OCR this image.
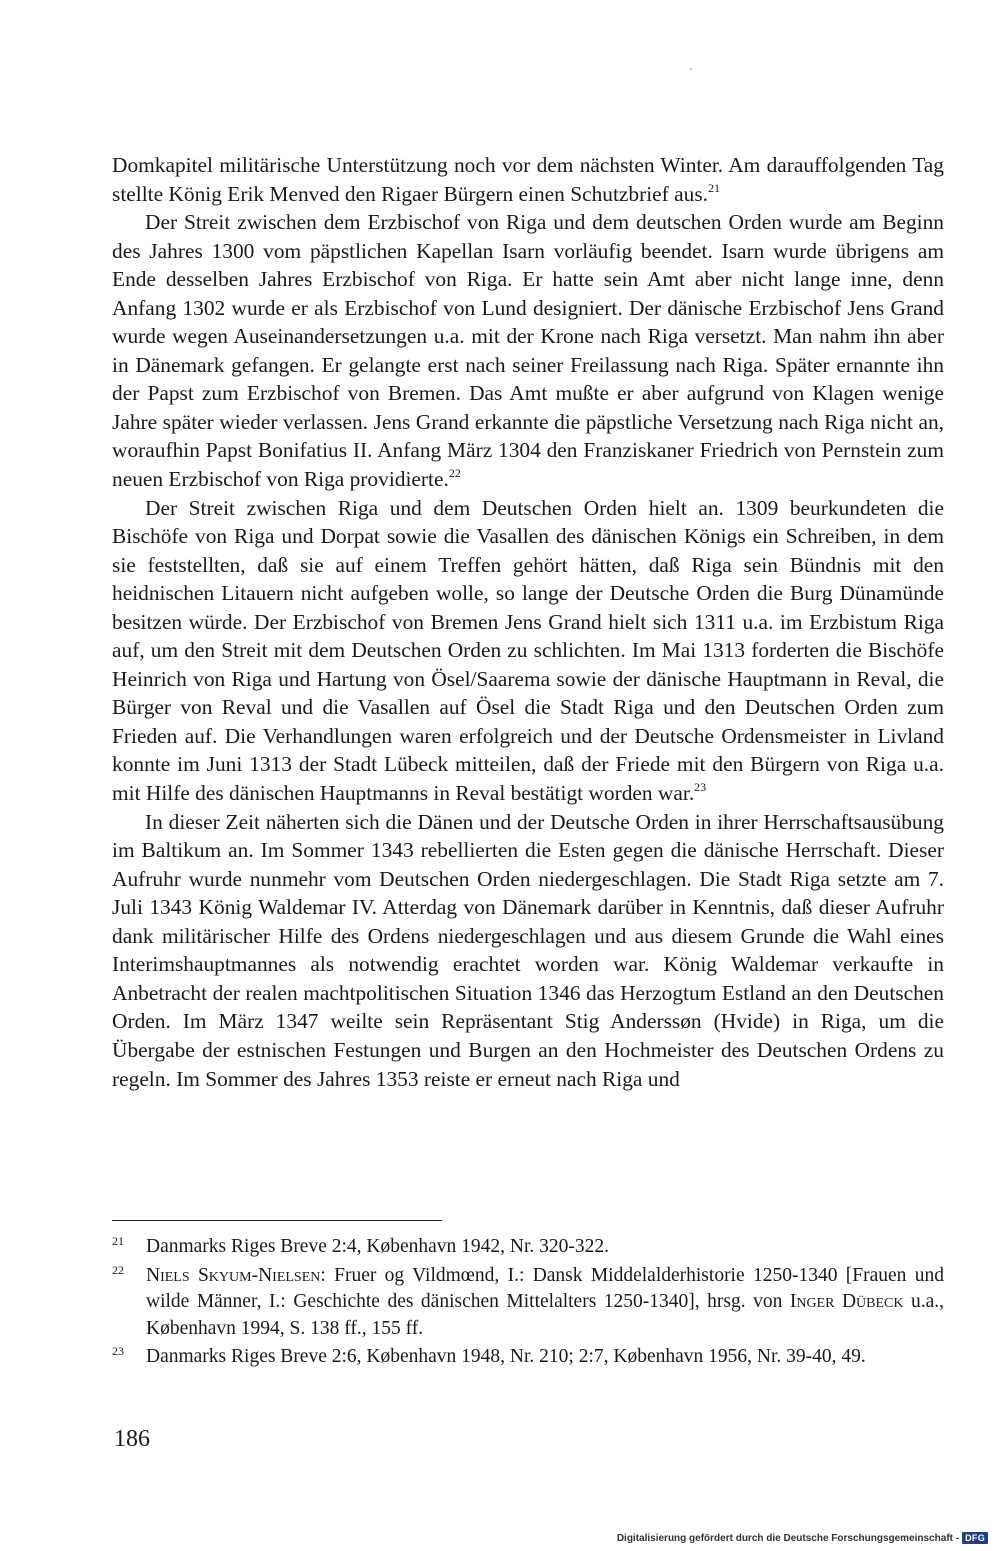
Domkapitel militärische Unterstützung noch vor dem nächsten Winter. Am darauffolgenden Tag stellte König Erik Menved den Rigaer Bürgern einen Schutzbrief aus.$^{21}$

Der Streit zwischen dem Erzbischof von Riga und dem deutschen Orden wurde am Beginn des Jahres 1300 vom päpstlichen Kapellan Isarn vorläufig beendet. Isarn wurde übrigens am Ende desselben Jahres Erzbischof von Riga. Er hatte sein Amt aber nicht lange inne, denn Anfang 1302 wurde er als Erzbischof von Lund designiert. Der dänische Erzbischof Jens Grand wurde wegen Auseinandersetzungen u.a. mit der Krone nach Riga versetzt. Man nahm ihn aber in Dänemark gefangen. Er gelangte erst nach seiner Freilassung nach Riga. Später ernannte ihn der Papst zum Erzbischof von Bremen. Das Amt mußte er aber aufgrund von Klagen wenige Jahre später wieder verlassen. Jens Grand erkannte die päpstliche Versetzung nach Riga nicht an, woraufhin Papst Bonifatius II. Anfang März 1304 den Franziskaner Friedrich von Pernstein zum neuen Erzbischof von Riga providierte.$^{22}$

Der Streit zwischen Riga und dem Deutschen Orden hielt an. 1309 beurkundeten die Bischöfe von Riga und Dorpat sowie die Vasallen des dänischen Königs ein Schreiben, in dem sie feststellten, daß sie auf einem Treffen gehört hätten, daß Riga sein Bündnis mit den heidnischen Litauern nicht aufgeben wolle, so lange der Deutsche Orden die Burg Dünamünde besitzen würde. Der Erzbischof von Bremen Jens Grand hielt sich 1311 u.a. im Erzbistum Riga auf, um den Streit mit dem Deutschen Orden zu schlichten. Im Mai 1313 forderten die Bischöfe Heinrich von Riga und Hartung von Ösel/Saarema sowie der dänische Hauptmann in Reval, die Bürger von Reval und die Vasallen auf Ösel die Stadt Riga und den Deutschen Orden zum Frieden auf. Die Verhandlungen waren erfolgreich und der Deutsche Ordensmeister in Livland konnte im Juni 1313 der Stadt Lübeck mitteilen, daß der Friede mit den Bürgern von Riga u.a. mit Hilfe des dänischen Hauptmanns in Reval bestätigt worden war.$^{23}$

In dieser Zeit näherten sich die Dänen und der Deutsche Orden in ihrer Herrschaftsausübung im Baltikum an. Im Sommer 1343 rebellierten die Esten gegen die dänische Herrschaft. Dieser Aufruhr wurde nunmehr vom Deutschen Orden niedergeschlagen. Die Stadt Riga setzte am 7. Juli 1343 König Waldemar IV. Atterdag von Dänemark darüber in Kenntnis, daß dieser Aufruhr dank militärischer Hilfe des Ordens niedergeschlagen und aus diesem Grunde die Wahl eines Interimshauptmannes als notwendig erachtet worden war. König Waldemar verkaufte in Anbetracht der realen machtpolitischen Situation 1346 das Herzogtum Estland an den Deutschen Orden. Im März 1347 weilte sein Repräsentant Stig Anderssøn (Hvide) in Riga, um die Übergabe der estnischen Festungen und Burgen an den Hochmeister des Deutschen Ordens zu regeln. Im Sommer des Jahres 1353 reiste er erneut nach Riga und

21 Danmarks Riges Breve 2:4, København 1942, Nr. 320-322.
22 Niels Skyum-Nielsen: Fruer og Vildmœnd, I.: Dansk Middelalderhistorie 1250-1340 [Frauen und wilde Männer, I.: Geschichte des dänischen Mittelalters 1250-1340], hrsg. von Inger Dübeck u.a., København 1994, S. 138 ff., 155 ff.
23 Danmarks Riges Breve 2:6, København 1948, Nr. 210; 2:7, København 1956, Nr. 39-40, 49.
186
Digitalisierung gefördert durch die Deutsche Forschungsgemeinschaft - DFG
